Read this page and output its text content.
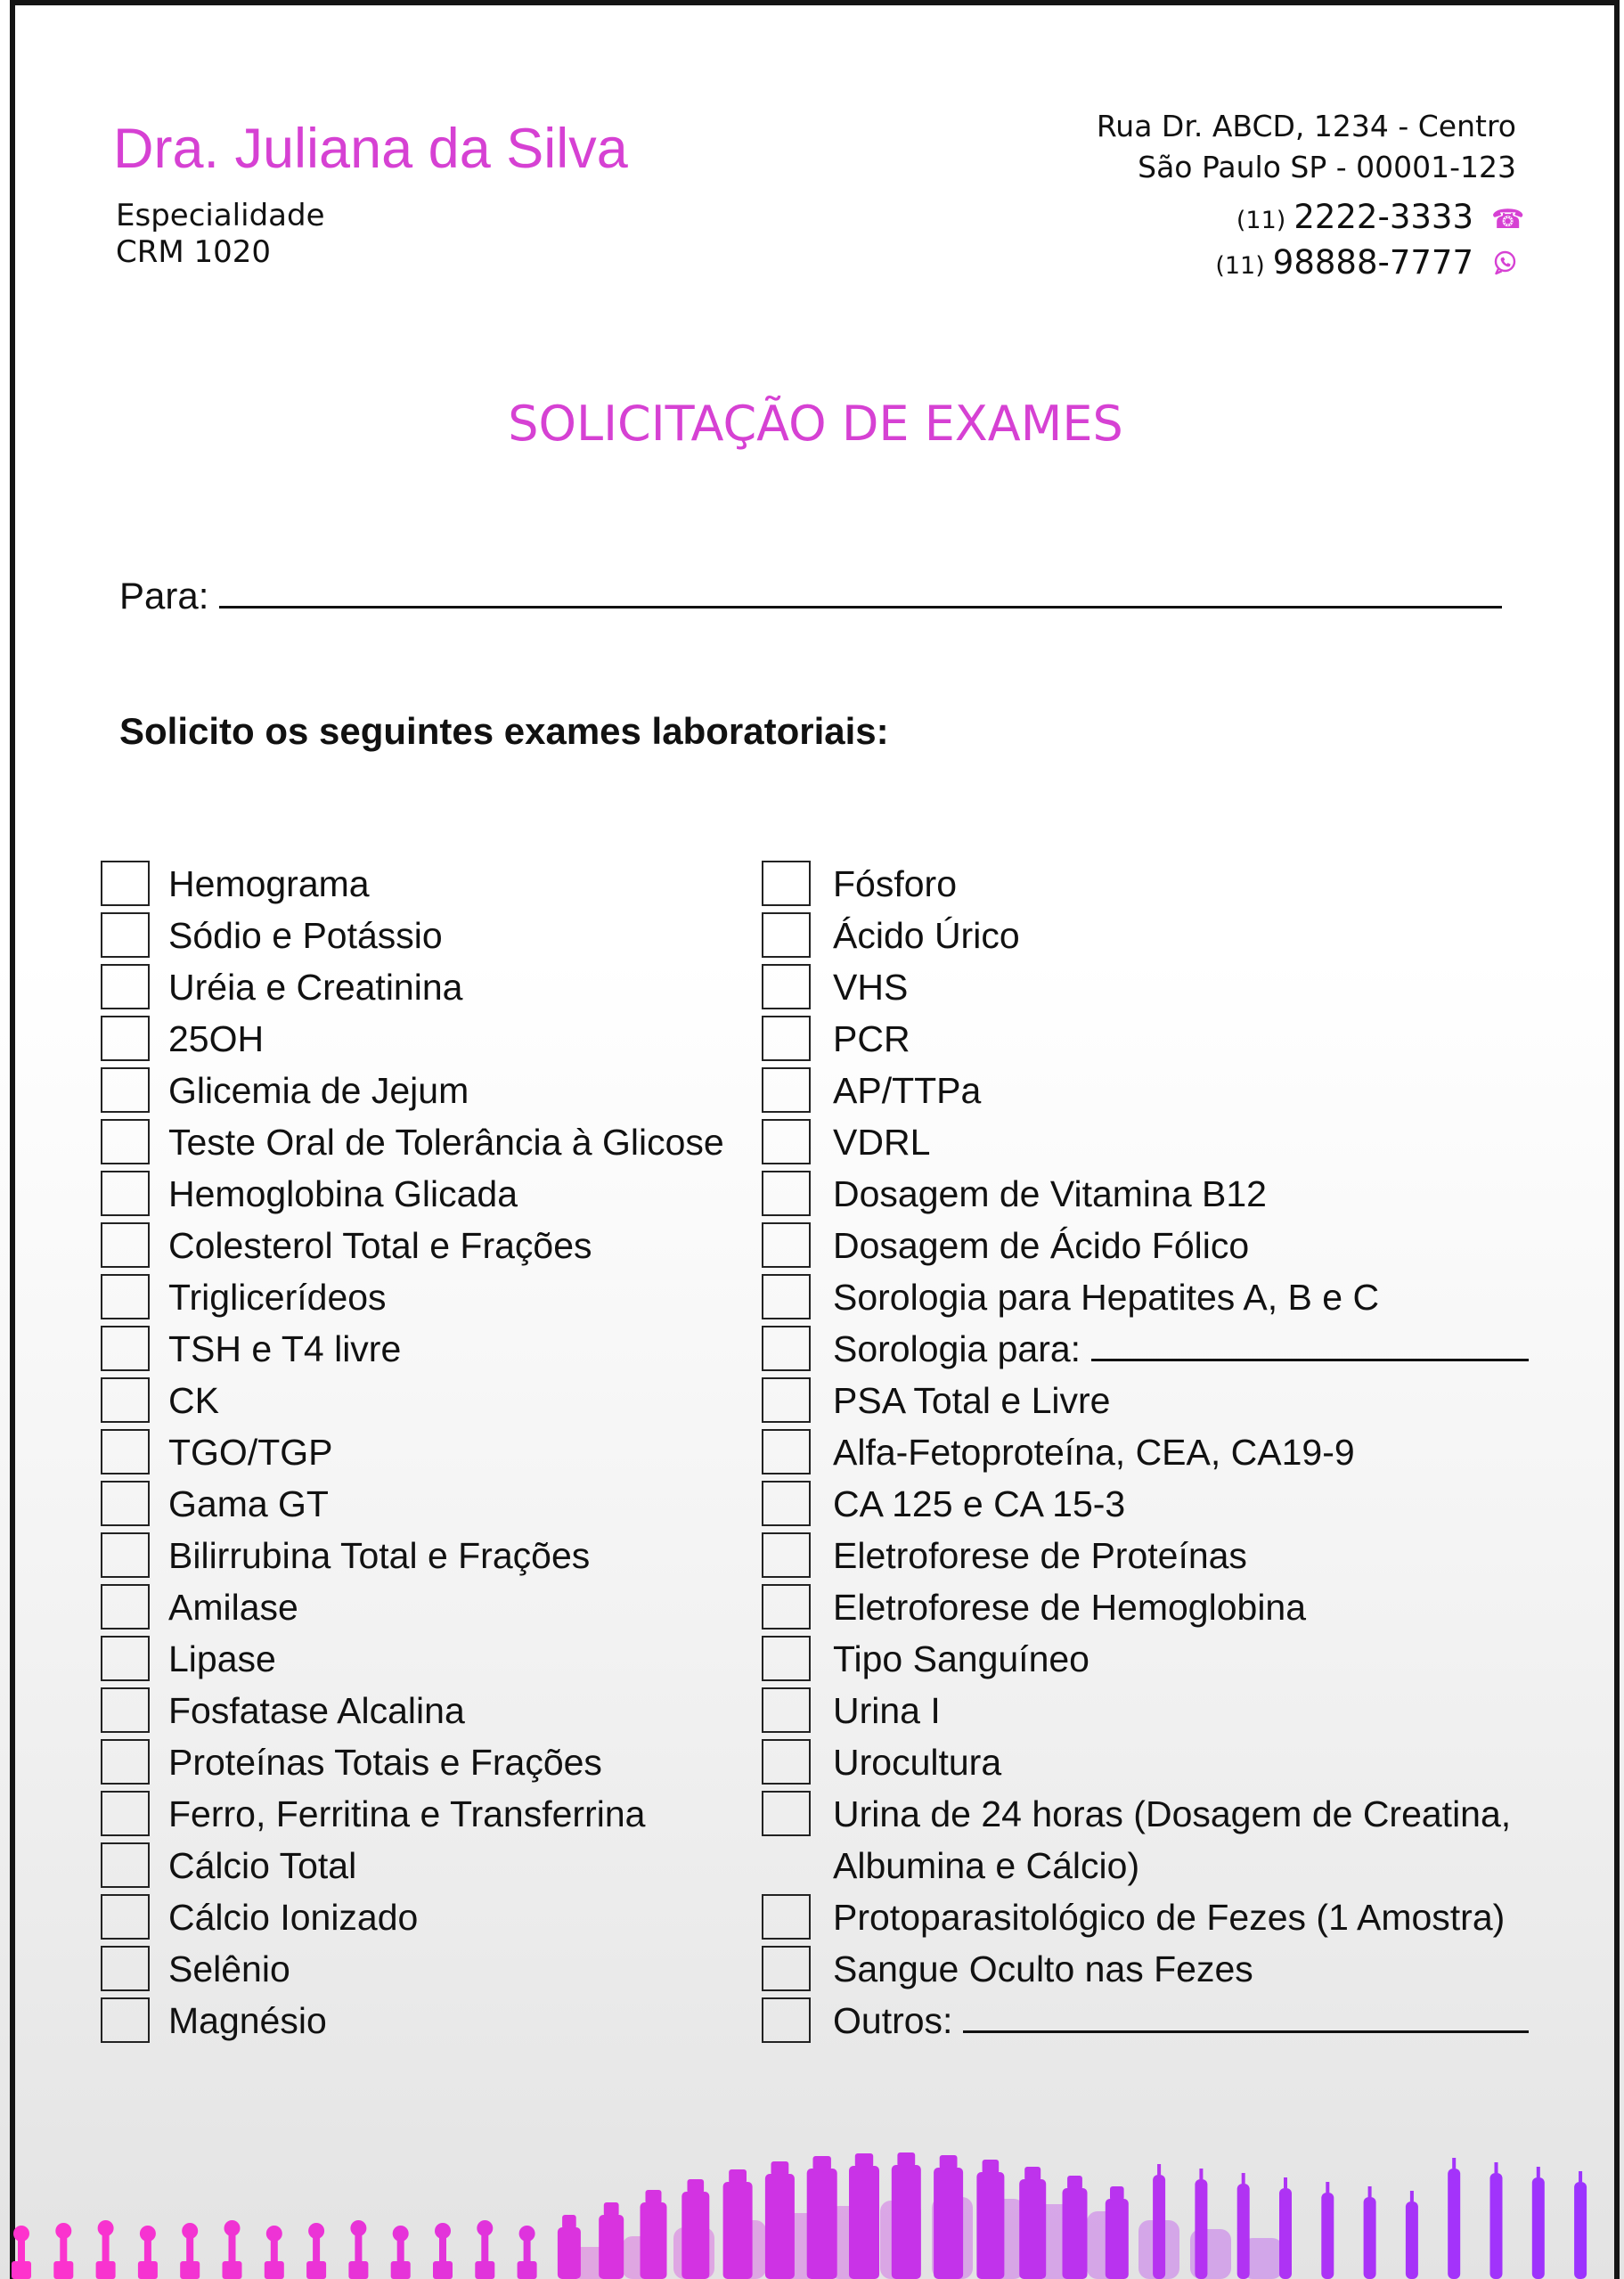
Dra. Juliana da Silva
Especialidade
CRM 1020
Rua Dr. ABCD, 1234 - Centro
São Paulo SP - 00001-123
(11) 2222-3333 ☎
(11) 98888-7777
SOLICITAÇÃO DE EXAMES
Para:
Solicito os seguintes exames laboratoriais:
Hemograma
Sódio e Potássio
Uréia e Creatinina
25OH
Glicemia de Jejum
Teste Oral de Tolerância à Glicose
Hemoglobina Glicada
Colesterol Total e Frações
Triglicerídeos
TSH e T4 livre
CK
TGO/TGP
Gama GT
Bilirrubina Total e Frações
Amilase
Lipase
Fosfatase Alcalina
Proteínas Totais e Frações
Ferro, Ferritina e Transferrina
Cálcio Total
Cálcio Ionizado
Selênio
Magnésio
Fósforo
Ácido Úrico
VHS
PCR
AP/TTPa
VDRL
Dosagem de Vitamina B12
Dosagem de Ácido Fólico
Sorologia para Hepatites A, B e C
Sorologia para:
PSA Total e Livre
Alfa-Fetoproteína, CEA, CA19-9
CA 125 e CA 15-3
Eletroforese de Proteínas
Eletroforese de Hemoglobina
Tipo Sanguíneo
Urina I
Urocultura
Urina de 24 horas (Dosagem de Creatina,
Albumina e Cálcio)
Protoparasitológico de Fezes (1 Amostra)
Sangue Oculto nas Fezes
Outros:
